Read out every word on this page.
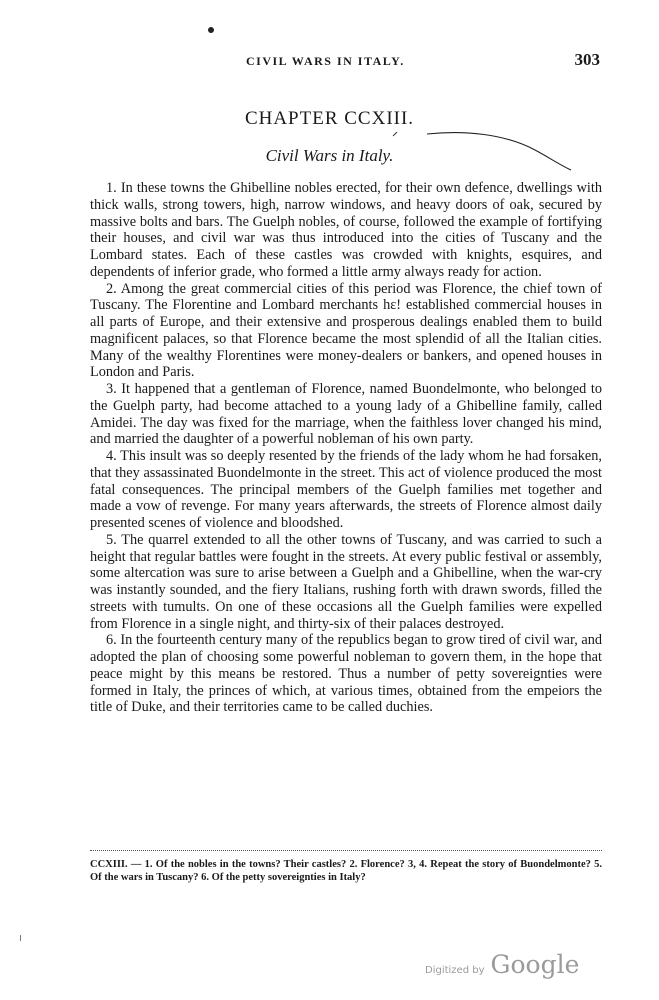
CIVIL WARS IN ITALY.	303
CHAPTER CCXIII.
Civil Wars in Italy.

1. In these towns the Ghibelline nobles erected, for their own defence, dwellings with thick walls, strong towers, high, narrow windows, and heavy doors of oak, secured by massive bolts and bars. The Guelph nobles, of course, followed the example of fortifying their houses, and civil war was thus introduced into the cities of Tuscany and the Lombard states. Each of these castles was crowded with knights, esquires, and dependents of inferior grade, who formed a little army always ready for action.

2. Among the great commercial cities of this period was Florence, the chief town of Tuscany. The Florentine and Lombard merchants hε! established commercial houses in all parts of Europe, and their extensive and prosperous dealings enabled them to build magnificent palaces, so that Florence became the most splendid of all the Italian cities. Many of the wealthy Florentines were money-dealers or bankers, and opened houses in London and Paris.

3. It happened that a gentleman of Florence, named Buondelmonte, who belonged to the Guelph party, had become attached to a young lady of a Ghibelline family, called Amidei. The day was fixed for the marriage, when the faithless lover changed his mind, and married the daughter of a powerful nobleman of his own party.

4. This insult was so deeply resented by the friends of the lady whom he had forsaken, that they assassinated Buondelmonte in the street. This act of violence produced the most fatal consequences. The principal members of the Guelph families met together and made a vow of revenge. For many years afterwards, the streets of Florence almost daily presented scenes of violence and bloodshed.

5. The quarrel extended to all the other towns of Tuscany, and was carried to such a height that regular battles were fought in the streets. At every public festival or assembly, some altercation was sure to arise between a Guelph and a Ghibelline, when the war-cry was instantly sounded, and the fiery Italians, rushing forth with drawn swords, filled the streets with tumults. On one of these occasions all the Guelph families were expelled from Florence in a single night, and thirty-six of their palaces destroyed.

6. In the fourteenth century many of the republics began to grow tired of civil war, and adopted the plan of choosing some powerful nobleman to govern them, in the hope that peace might by this means be restored. Thus a number of petty sovereignties were formed in Italy, the princes of which, at various times, obtained from the empeiors the title of Duke, and their territories came to be called duchies.

CCXIII. — 1. Of the nobles in the towns? Their castles? 2. Florence? 3, 4. Repeat the story of Buondelmonte? 5. Of the wars in Tuscany? 6. Of the petty sovereignties in Italy?
Digitized by Google
